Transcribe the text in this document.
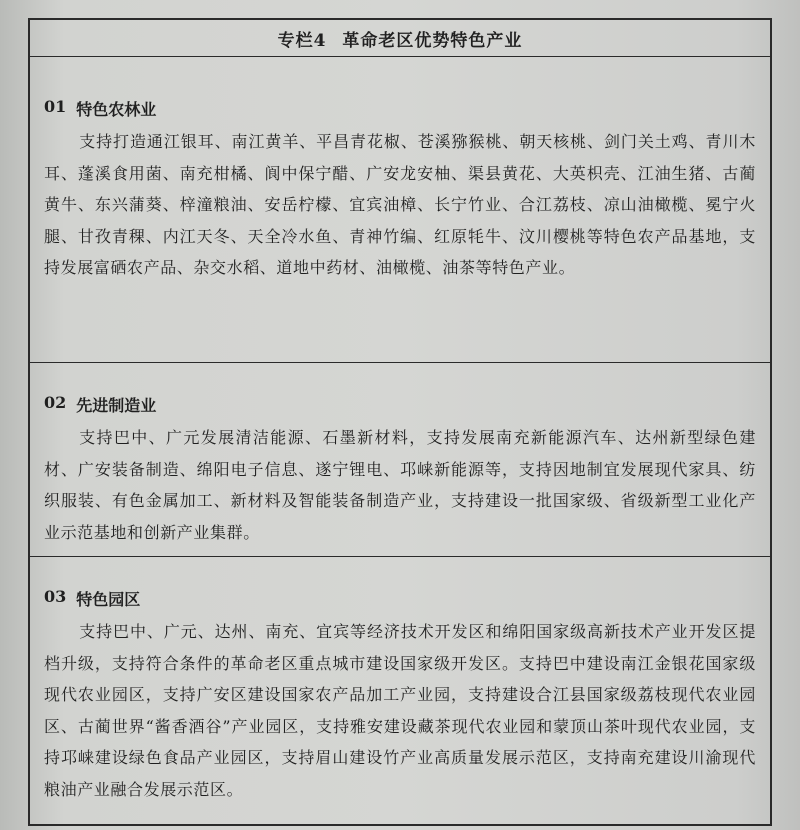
专栏4 革命老区优势特色产业
01 特色农林业

支持打造通江银耳、南江黄羊、平昌青花椒、苍溪猕猴桃、朝天核桃、剑门关土鸡、青川木耳、蓬溪食用菌、南充柑橘、阆中保宁醋、广安龙安柚、渠县黄花、大英枳壳、江油生猪、古蔺黄牛、东兴蒲葵、梓潼粮油、安岳柠檬、宜宾油樟、长宁竹业、合江荔枝、凉山油橄榄、冕宁火腿、甘孜青稞、内江天冬、天全冷水鱼、青神竹编、红原牦牛、汶川樱桃等特色农产品基地，支持发展富硒农产品、杂交水稻、道地中药材、油橄榄、油茶等特色产业。

02 先进制造业

支持巴中、广元发展清洁能源、石墨新材料，支持发展南充新能源汽车、达州新型绿色建材、广安装备制造、绵阳电子信息、遂宁锂电、邛崃新能源等，支持因地制宜发展现代家具、纺织服装、有色金属加工、新材料及智能装备制造产业，支持建设一批国家级、省级新型工业化产业示范基地和创新产业集群。

03 特色园区

支持巴中、广元、达州、南充、宜宾等经济技术开发区和绵阳国家级高新技术产业开发区提档升级，支持符合条件的革命老区重点城市建设国家级开发区。支持巴中建设南江金银花国家级现代农业园区，支持广安区建设国家农产品加工产业园，支持建设合江县国家级荔枝现代农业园区、古蔺世界“酱香酒谷”产业园区，支持雅安建设藏茶现代农业园和蒙顶山茶叶现代农业园，支持邛崃建设绿色食品产业园区，支持眉山建设竹产业高质量发展示范区，支持南充建设川渝现代粮油产业融合发展示范区。
